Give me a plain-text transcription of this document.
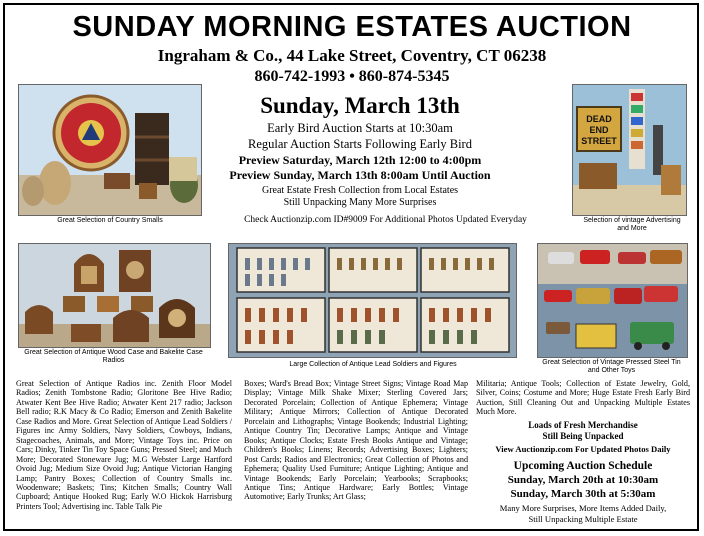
SUNDAY MORNING ESTATES AUCTION
Ingraham & Co., 44 Lake Street, Coventry, CT 06238
860-742-1993 • 860-874-5345
Sunday, March 13th
Early Bird Auction Starts at 10:30am
Regular Auction Starts Following Early Bird
Preview Saturday, March 12th 12:00 to 4:00pm
Preview Sunday, March 13th 8:00am Until Auction
Great Estate Fresh Collection from Local Estates
Still Unpacking Many More Surprises
Check Auctionzip.com ID#9009 For Additional Photos Updated Everyday
Great Selection of Country Smalls
DEAD
END
STREET
Selection of vintage Advertising and More
Great Selection of Antique Wood Case and Bakelite Case Radios
Large Collection of Antique Lead Soldiers and Figures	Great Selection of Vintage Pressed Steel Tin and Other Toys
Great Selection of Antique Radios inc. Zenith Floor Model Radios; Zenith Tombstone Radio; Gloritone Bee Hive Radio; Atwater Kent Bee Hive Radio; Atwater Kent 217 radio; Jackson Bell radio; R.K Macy & Co Radio; Emerson and Zenith Bakelite Case Radios and More. Great Selection of Antique Lead Soldiers / Figures inc Army Soldiers, Navy Soldiers, Cowboys, Indians, Stagecoaches, Animals, and More; Vintage Toys inc. Price on Cars; Dinky, Tinker Tin Toy Space Guns; Pressed Steel; and Much More; Decorated Stoneware Jug; M.G Webster Large Hartford Ovoid Jug; Medium Size Ovoid Jug; Antique Victorian Hanging Lamp; Pantry Boxes; Collection of Country Smalls inc. Woodenware; Baskets; Tins; Kitchen Smalls; Country Wall Cupboard; Antique Hooked Rug; Early W.O Hickok Harrisburg Printers Tool; Advertising inc. Table Talk Pie
Boxes; Ward's Bread Box; Vintage Street Signs; Vintage Road Map Display; Vintage Milk Shake Mixer; Sterling Covered Jars; Decorated Porcelain; Collection of Antique Ephemera; Vintage Military; Antique Mirrors; Collection of Antique Decorated Porcelain and Lithographs; Vintage Bookends; Industrial Lighting; Antique Country Tin; Decorative Lamps; Antique and Vintage Books; Antique Clocks; Estate Fresh Books Antique and Vintage; Children's Books; Linens; Records; Advertising Boxes; Lighters; Post Cards; Radios and Electronics; Great Collection of Photos and Ephemera; Quality Used Furniture; Antique Lighting; Antique and Vintage Bookends; Early Porcelain; Yearbooks; Scrapbooks; Antique Tins; Antique Hardware; Early Bottles; Vintage Automotive; Early Trunks; Art Glass;
Militaria; Antique Tools; Collection of Estate Jewelry, Gold, Silver, Coins; Costume and More; Huge Estate Fresh Early Bird Auction, Still Cleaning Out and Unpacking Multiple Estates Much More.
Loads of Fresh Merchandise
Still Being Unpacked
View Auctionzip.com For Updated Photos Daily
Upcoming Auction Schedule
Sunday, March 20th at 10:30am
Sunday, March 30th at 5:30am
Many More Surprises, More Items Added Daily,
Still Unpacking Multiple Estate
